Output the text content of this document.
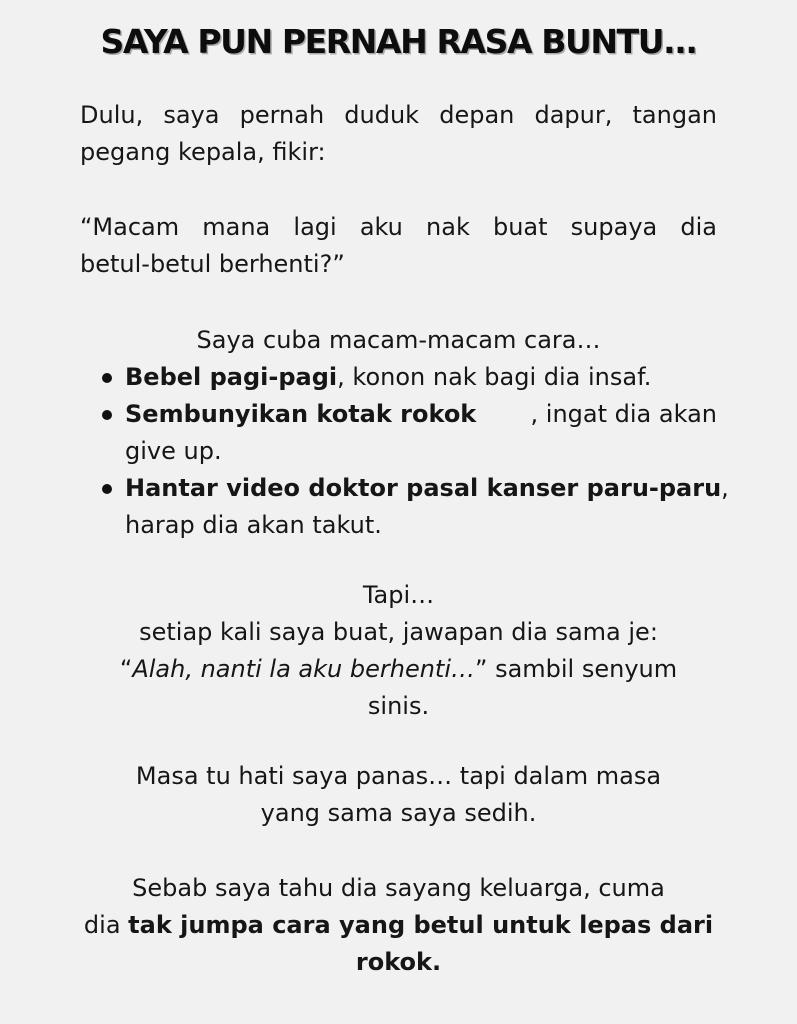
SAYA PUN PERNAH RASA BUNTU...
Dulu, saya pernah duduk depan dapur, tangan
pegang kepala, fikir:
“Macam mana lagi aku nak buat supaya dia
betul-betul berhenti?”
Saya cuba macam-macam cara…
Bebel pagi-pagi, konon nak bagi dia insaf.
Sembunyikan kotak rokok , ingat dia akan
give up.
Hantar video doktor pasal kanser paru-paru,
harap dia akan takut.
Tapi…
setiap kali saya buat, jawapan dia sama je:
“Alah, nanti la aku berhenti…” sambil senyum
sinis.
Masa tu hati saya panas… tapi dalam masa
yang sama saya sedih.
Sebab saya tahu dia sayang keluarga, cuma
dia tak jumpa cara yang betul untuk lepas dari
rokok.
